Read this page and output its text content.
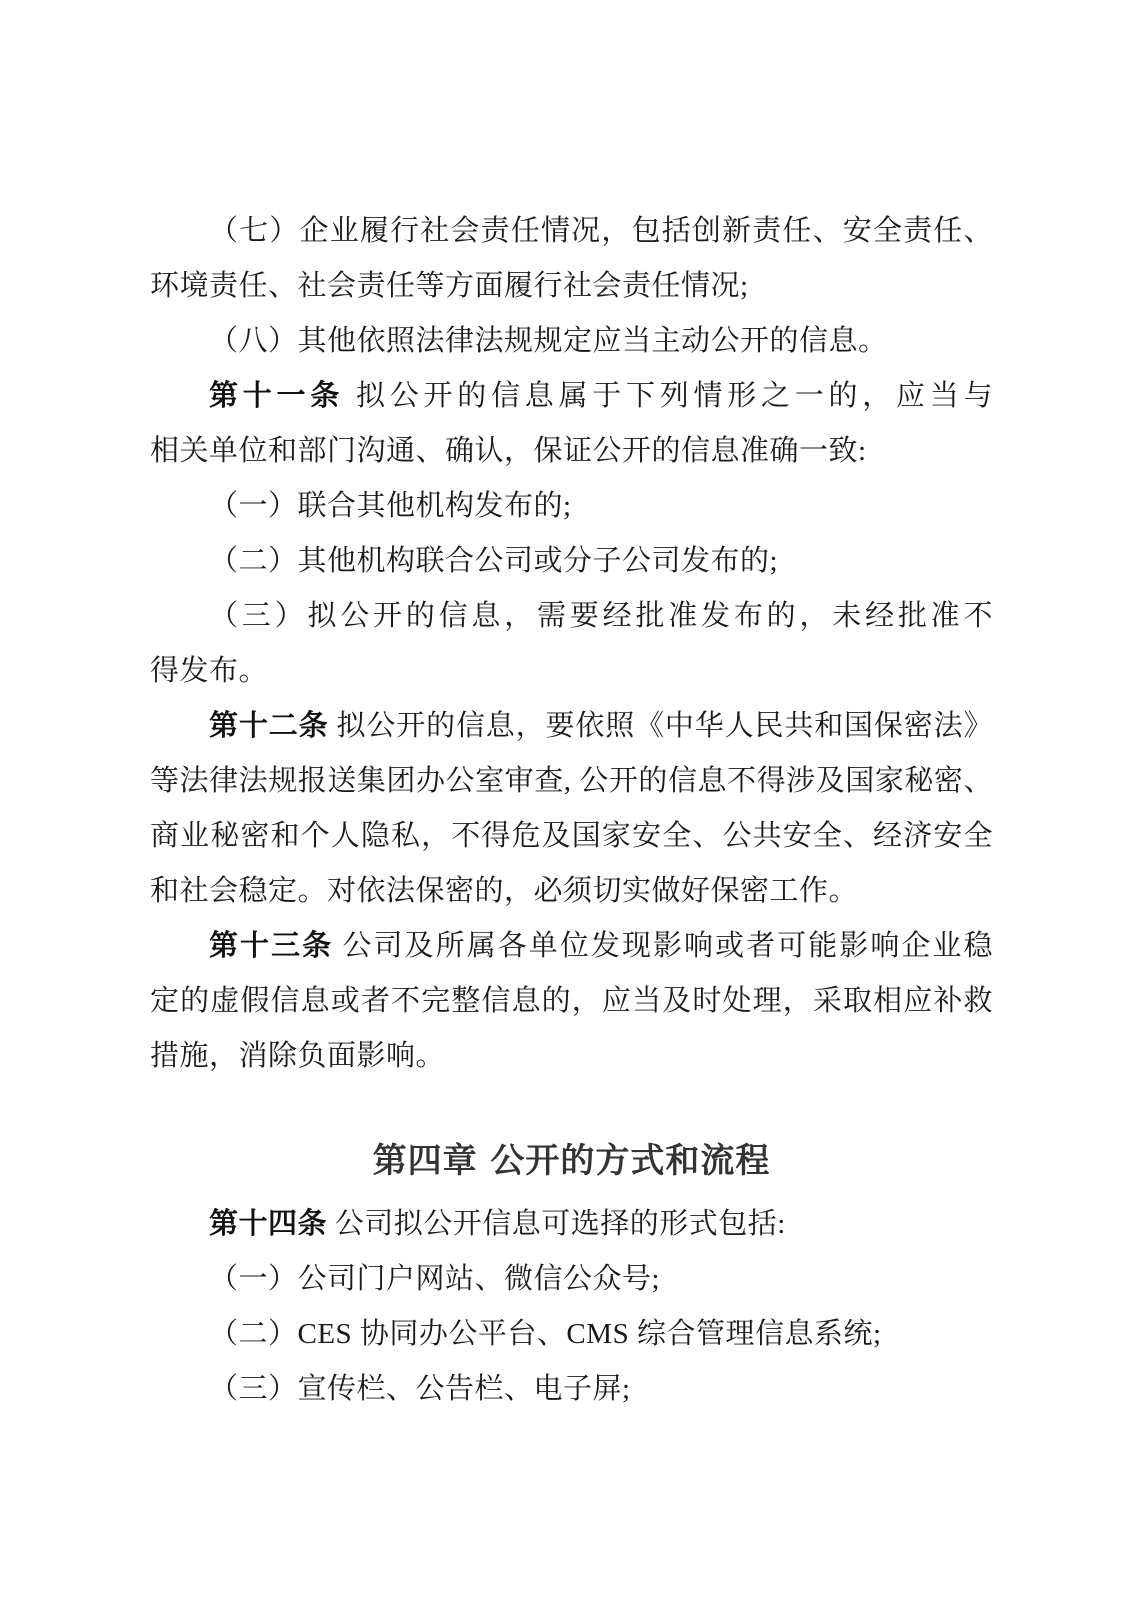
（七）企业履行社会责任情况，包括创新责任、安全责任、
环境责任、社会责任等方面履行社会责任情况;
（八）其他依照法律法规规定应当主动公开的信息。
第十一条 拟公开的信息属于下列情形之一的，应当与
相关单位和部门沟通、确认，保证公开的信息准确一致:
（一）联合其他机构发布的;
（二）其他机构联合公司或分子公司发布的;
（三）拟公开的信息，需要经批准发布的，未经批准不
得发布。
第十二条 拟公开的信息，要依照《中华人民共和国保密法》
等法律法规报送集团办公室审查, 公开的信息不得涉及国家秘密、
商业秘密和个人隐私，不得危及国家安全、公共安全、经济安全
和社会稳定。对依法保密的，必须切实做好保密工作。
第十三条 公司及所属各单位发现影响或者可能影响企业稳
定的虚假信息或者不完整信息的，应当及时处理，采取相应补救
措施，消除负面影响。
第四章 公开的方式和流程
第十四条 公司拟公开信息可选择的形式包括:
（一）公司门户网站、微信公众号;
（二）CES 协同办公平台、CMS 综合管理信息系统;
（三）宣传栏、公告栏、电子屏;
